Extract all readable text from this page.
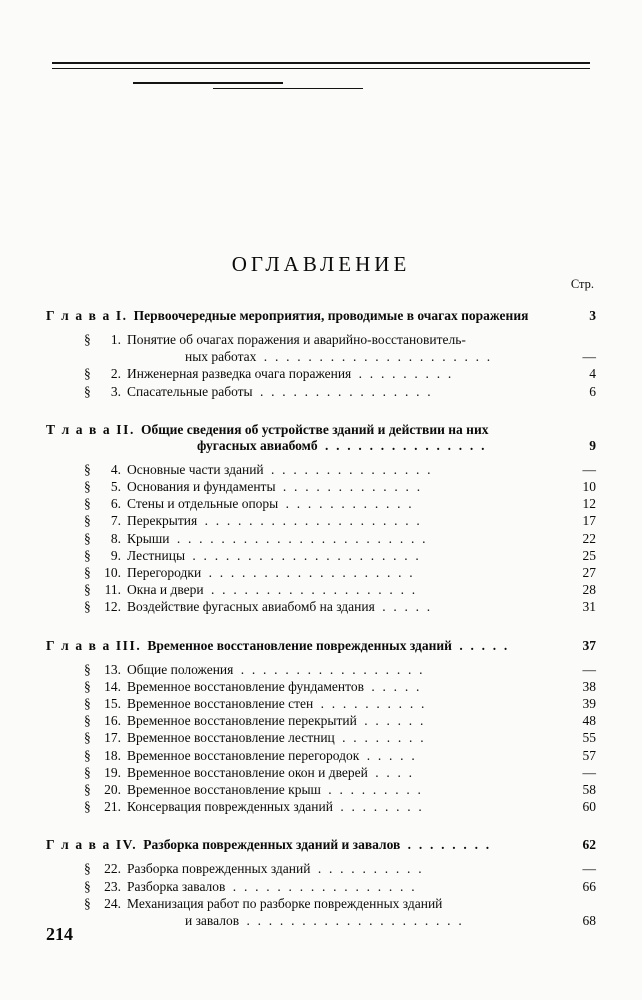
ОГЛАВЛЕНИЕ
Стр.
Г л а в а I. Первоочередные мероприятия, проводимые в очагах поражения	3
§	1. Понятие об очагах поражения и аварийно-восстановитель-
ных работах . . . . . . . . . . . . . . . . . . . . .	—
§	2. Инженерная разведка очага поражения . . . . . . . . .	4
§	3. Спасательные работы . . . . . . . . . . . . . . . .	6
Т л а в а II. Общие сведения об устройстве зданий и действии на них
фугасных авиабомб . . . . . . . . . . . . . . .	9
§	4. Основные части зданий . . . . . . . . . . . . . . .	—
§	5. Основания и фундаменты . . . . . . . . . . . . .	10
§	6. Стены и отдельные опоры . . . . . . . . . . . .	12
§	7. Перекрытия . . . . . . . . . . . . . . . . . . . .	17
§	8. Крыши . . . . . . . . . . . . . . . . . . . . . . .	22
§	9. Лестницы . . . . . . . . . . . . . . . . . . . . .	25
§ 10. Перегородки . . . . . . . . . . . . . . . . . . .	27
§	11. Окна и двери . . . . . . . . . . . . . . . . . . .	28
§ 12. Воздействие фугасных авиабомб на здания . . . . .	31
Г л а в а III. Временное восстановление поврежденных зданий . . . . .	37
§ 13. Общие положения . . . . . . . . . . . . . . . . .	—
§ 14. Временное восстановление фундаментов . . . . .	38
§ 15. Временное восстановление стен . . . . . . . . . .	39
§ 16. Временное восстановление перекрытий . . . . . .	48
§ 17. Временное восстановление лестниц . . . . . . . .	55
§ 18. Временное восстановление перегородок . . . . .	57
§ 19. Временное восстановление окон и дверей . . . .	—
§ 20. Временное восстановление крыш . . . . . . . . .	58
§ 21. Консервация поврежденных зданий . . . . . . . .	60
Г л а в а IV. Разборка поврежденных зданий и завалов . . . . . . . .	62
§ 22. Разборка поврежденных зданий . . . . . . . . . .	—
§ 23. Разборка завалов . . . . . . . . . . . . . . . . .	66
§ 24. Механизация работ по разборке поврежденных зданий
и завалов . . . . . . . . . . . . . . . . . . . .	68
214
